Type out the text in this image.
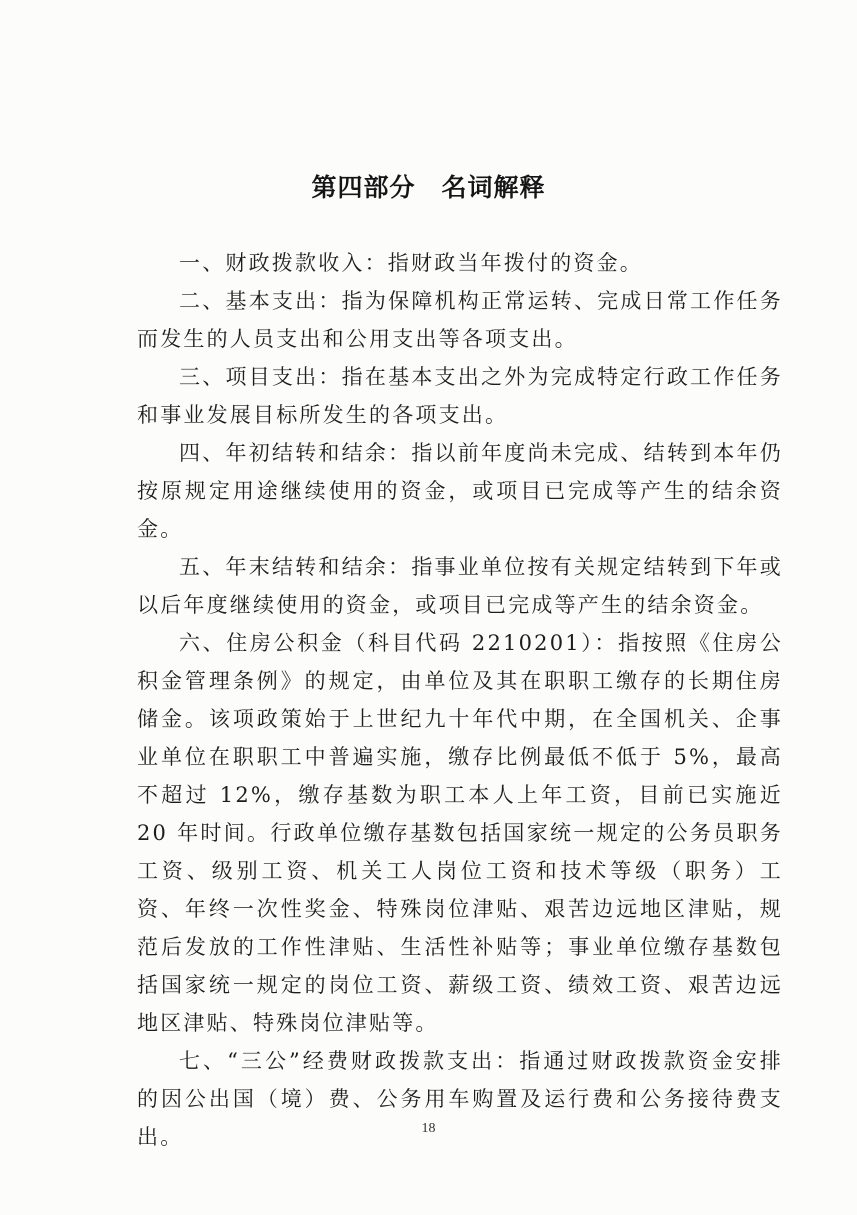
第四部分　名词解释

一、财政拨款收入：指财政当年拨付的资金。

二、基本支出：指为保障机构正常运转、完成日常工作任务而发生的人员支出和公用支出等各项支出。

三、项目支出：指在基本支出之外为完成特定行政工作任务和事业发展目标所发生的各项支出。

四、年初结转和结余：指以前年度尚未完成、结转到本年仍按原规定用途继续使用的资金，或项目已完成等产生的结余资金。

五、年末结转和结余：指事业单位按有关规定结转到下年或以后年度继续使用的资金，或项目已完成等产生的结余资金。

六、住房公积金（科目代码 2210201）：指按照《住房公积金管理条例》的规定，由单位及其在职职工缴存的长期住房储金。该项政策始于上世纪九十年代中期，在全国机关、企事业单位在职职工中普遍实施，缴存比例最低不低于 5%，最高不超过 12%，缴存基数为职工本人上年工资，目前已实施近20 年时间。行政单位缴存基数包括国家统一规定的公务员职务工资、级别工资、机关工人岗位工资和技术等级（职务）工资、年终一次性奖金、特殊岗位津贴、艰苦边远地区津贴，规范后发放的工作性津贴、生活性补贴等；事业单位缴存基数包括国家统一规定的岗位工资、薪级工资、绩效工资、艰苦边远地区津贴、特殊岗位津贴等。

七、“三公”经费财政拨款支出：指通过财政拨款资金安排的因公出国（境）费、公务用车购置及运行费和公务接待费支出。	18
